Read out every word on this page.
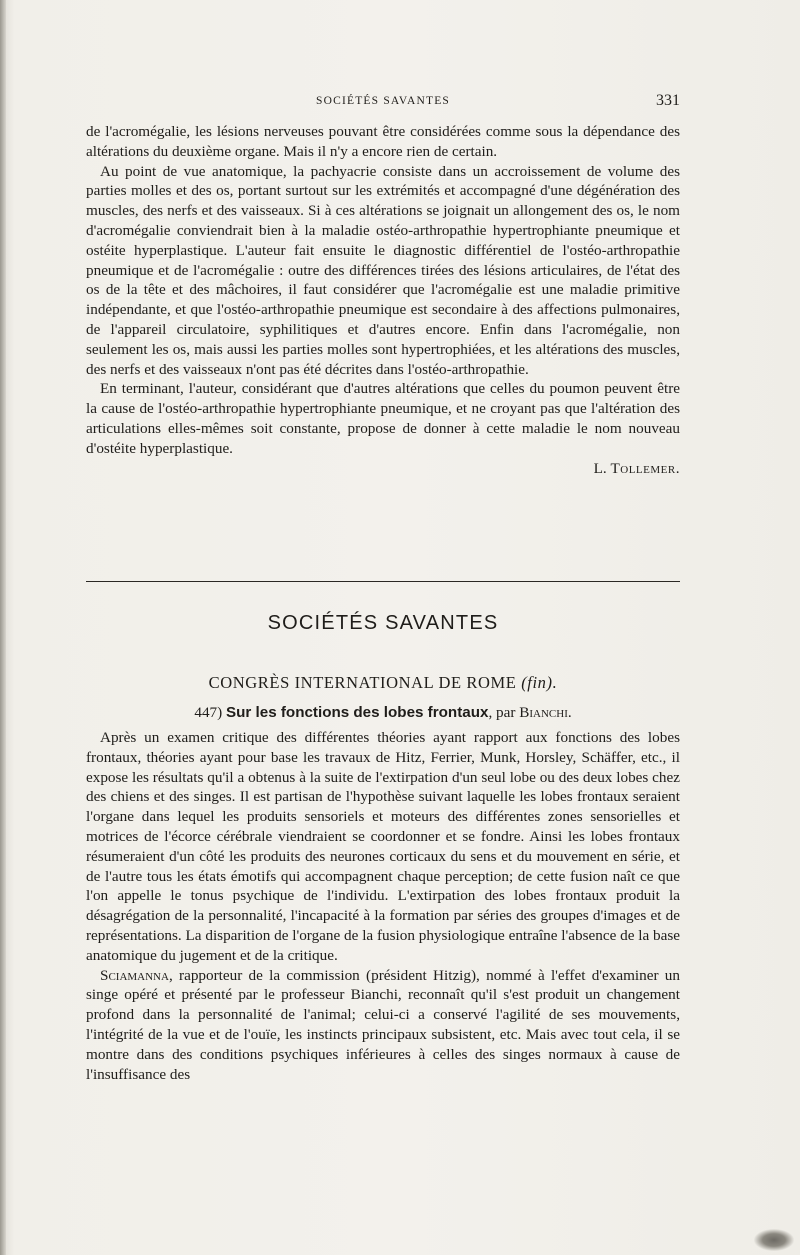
SOCIÉTÉS SAVANTES	331

de l'acromégalie, les lésions nerveuses pouvant être considérées comme sous la dépendance des altérations du deuxième organe. Mais il n'y a encore rien de certain.

Au point de vue anatomique, la pachyacrie consiste dans un accroissement de volume des parties molles et des os, portant surtout sur les extrémités et accompagné d'une dégénération des muscles, des nerfs et des vaisseaux. Si à ces altérations se joignait un allongement des os, le nom d'acromégalie conviendrait bien à la maladie ostéo-arthropathie hypertrophiante pneumique et ostéite hyperplastique. L'auteur fait ensuite le diagnostic différentiel de l'ostéo-arthropathie pneumique et de l'acromégalie : outre des différences tirées des lésions articulaires, de l'état des os de la tête et des mâchoires, il faut considérer que l'acromégalie est une maladie primitive indépendante, et que l'ostéo-arthropathie pneumique est secondaire à des affections pulmonaires, de l'appareil circulatoire, syphilitiques et d'autres encore. Enfin dans l'acromégalie, non seulement les os, mais aussi les parties molles sont hypertrophiées, et les altérations des muscles, des nerfs et des vaisseaux n'ont pas été décrites dans l'ostéo-arthropathie.

En terminant, l'auteur, considérant que d'autres altérations que celles du poumon peuvent être la cause de l'ostéo-arthropathie hypertrophiante pneumique, et ne croyant pas que l'altération des articulations elles-mêmes soit constante, propose de donner à cette maladie le nom nouveau d'ostéite hyperplastique.

L. Tollemer.

SOCIÉTÉS SAVANTES
CONGRÈS INTERNATIONAL DE ROME (fin).
447) Sur les fonctions des lobes frontaux, par Bianchi.

Après un examen critique des différentes théories ayant rapport aux fonctions des lobes frontaux, théories ayant pour base les travaux de Hitz, Ferrier, Munk, Horsley, Schäffer, etc., il expose les résultats qu'il a obtenus à la suite de l'extirpation d'un seul lobe ou des deux lobes chez des chiens et des singes. Il est partisan de l'hypothèse suivant laquelle les lobes frontaux seraient l'organe dans lequel les produits sensoriels et moteurs des différentes zones sensorielles et motrices de l'écorce cérébrale viendraient se coordonner et se fondre. Ainsi les lobes frontaux résumeraient d'un côté les produits des neurones corticaux du sens et du mouvement en série, et de l'autre tous les états émotifs qui accompagnent chaque perception; de cette fusion naît ce que l'on appelle le tonus psychique de l'individu. L'extirpation des lobes frontaux produit la désagrégation de la personnalité, l'incapacité à la formation par séries des groupes d'images et de représentations. La disparition de l'organe de la fusion physiologique entraîne l'absence de la base anatomique du jugement et de la critique.

Sciamanna, rapporteur de la commission (président Hitzig), nommé à l'effet d'examiner un singe opéré et présenté par le professeur Bianchi, reconnaît qu'il s'est produit un changement profond dans la personnalité de l'animal; celui-ci a conservé l'agilité de ses mouvements, l'intégrité de la vue et de l'ouïe, les instincts principaux subsistent, etc. Mais avec tout cela, il se montre dans des conditions psychiques inférieures à celles des singes normaux à cause de l'insuffisance des
